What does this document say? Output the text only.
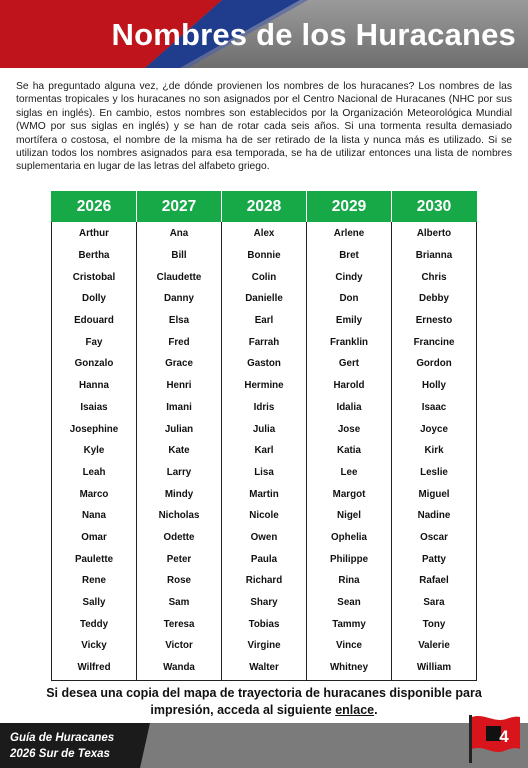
Nombres de los Huracanes

Se ha preguntado alguna vez, ¿de dónde provienen los nombres de los huracanes? Los nombres de las tormentas tropicales y los huracanes no son asignados por el Centro Nacional de Huracanes (NHC por sus siglas en inglés). En cambio, estos nombres son establecidos por la Organización Meteorológica Mundial (WMO por sus siglas en inglés) y se han de rotar cada seis años. Si una tormenta resulta demasiado mortífera o costosa, el nombre de la misma ha de ser retirado de la lista y nunca más es utilizado. Si se utilizan todos los nombres asignados para esa temporada, se ha de utilizar entonces una lista de nombres suplementaria en lugar de las letras del alfabeto griego.

2026	2027	2028	2029	2030
Arthur	Ana	Alex	Arlene	Alberto
Bertha	Bill	Bonnie	Bret	Brianna
Cristobal	Claudette	Colin	Cindy	Chris
Dolly	Danny	Danielle	Don	Debby
Edouard	Elsa	Earl	Emily	Ernesto
Fay	Fred	Farrah	Franklin	Francine
Gonzalo	Grace	Gaston	Gert	Gordon
Hanna	Henri	Hermine	Harold	Holly
Isaias	Imani	Idris	Idalia	Isaac
Josephine	Julian	Julia	Jose	Joyce
Kyle	Kate	Karl	Katia	Kirk
Leah	Larry	Lisa	Lee	Leslie
Marco	Mindy	Martin	Margot	Miguel
Nana	Nicholas	Nicole	Nigel	Nadine
Omar	Odette	Owen	Ophelia	Oscar
Paulette	Peter	Paula	Philippe	Patty
Rene	Rose	Richard	Rina	Rafael
Sally	Sam	Shary	Sean	Sara
Teddy	Teresa	Tobias	Tammy	Tony
Vicky	Victor	Virgine	Vince	Valerie
Wilfred	Wanda	Walter	Whitney	William

Si desea una copia del mapa de trayectoria de huracanes disponible para impresión, acceda al siguiente enlace.

Guía de Huracanes
2026 Sur de Texas
4
